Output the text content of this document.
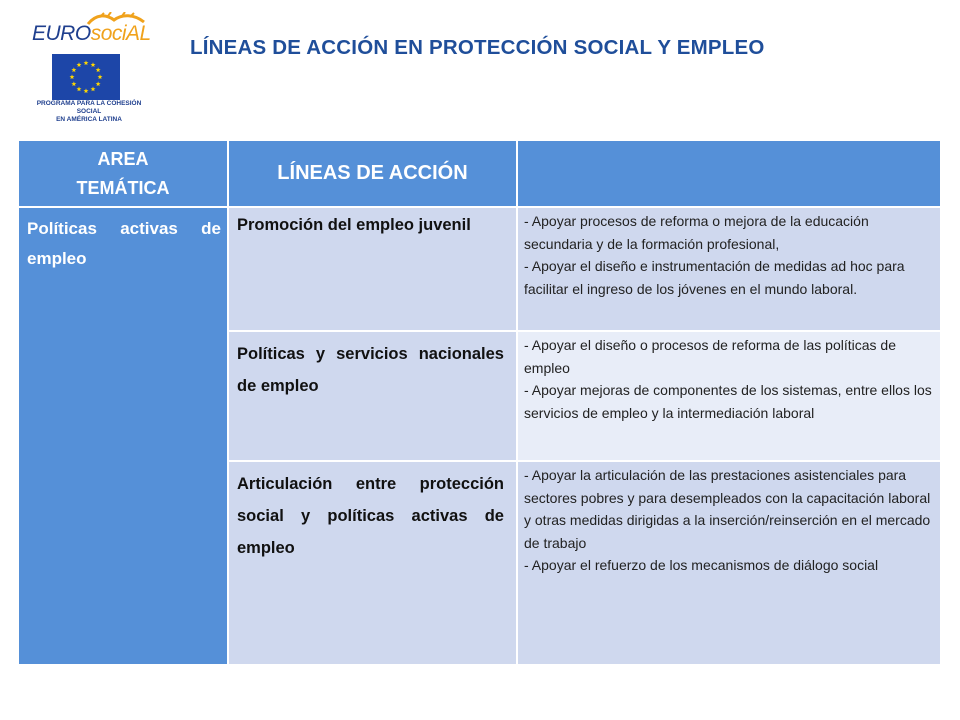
EUROsociAL
PROGRAMA PARA LA COHESIÓN SOCIAL
EN AMÉRICA LATINA
LÍNEAS DE ACCIÓN EN PROTECCIÓN SOCIAL Y EMPLEO
AREA TEMÁTICA
LÍNEAS DE ACCIÓN
Políticas activas de empleo
Promoción del empleo juvenil	- Apoyar procesos de reforma o mejora de la educación secundaria y de la formación profesional,
- Apoyar el diseño e instrumentación de medidas ad hoc para facilitar el ingreso de los jóvenes en el mundo laboral.
Políticas y servicios nacionales de empleo
- Apoyar el diseño o procesos de reforma de las políticas de empleo
- Apoyar mejoras de componentes de los sistemas, entre ellos los servicios de empleo y la intermediación laboral
Articulación entre protección social y políticas activas de empleo
- Apoyar la articulación de las prestaciones asistenciales para sectores pobres y para desempleados con la capacitación laboral y otras medidas dirigidas a la inserción/reinserción en el mercado de trabajo
- Apoyar el refuerzo de los mecanismos de diálogo social
